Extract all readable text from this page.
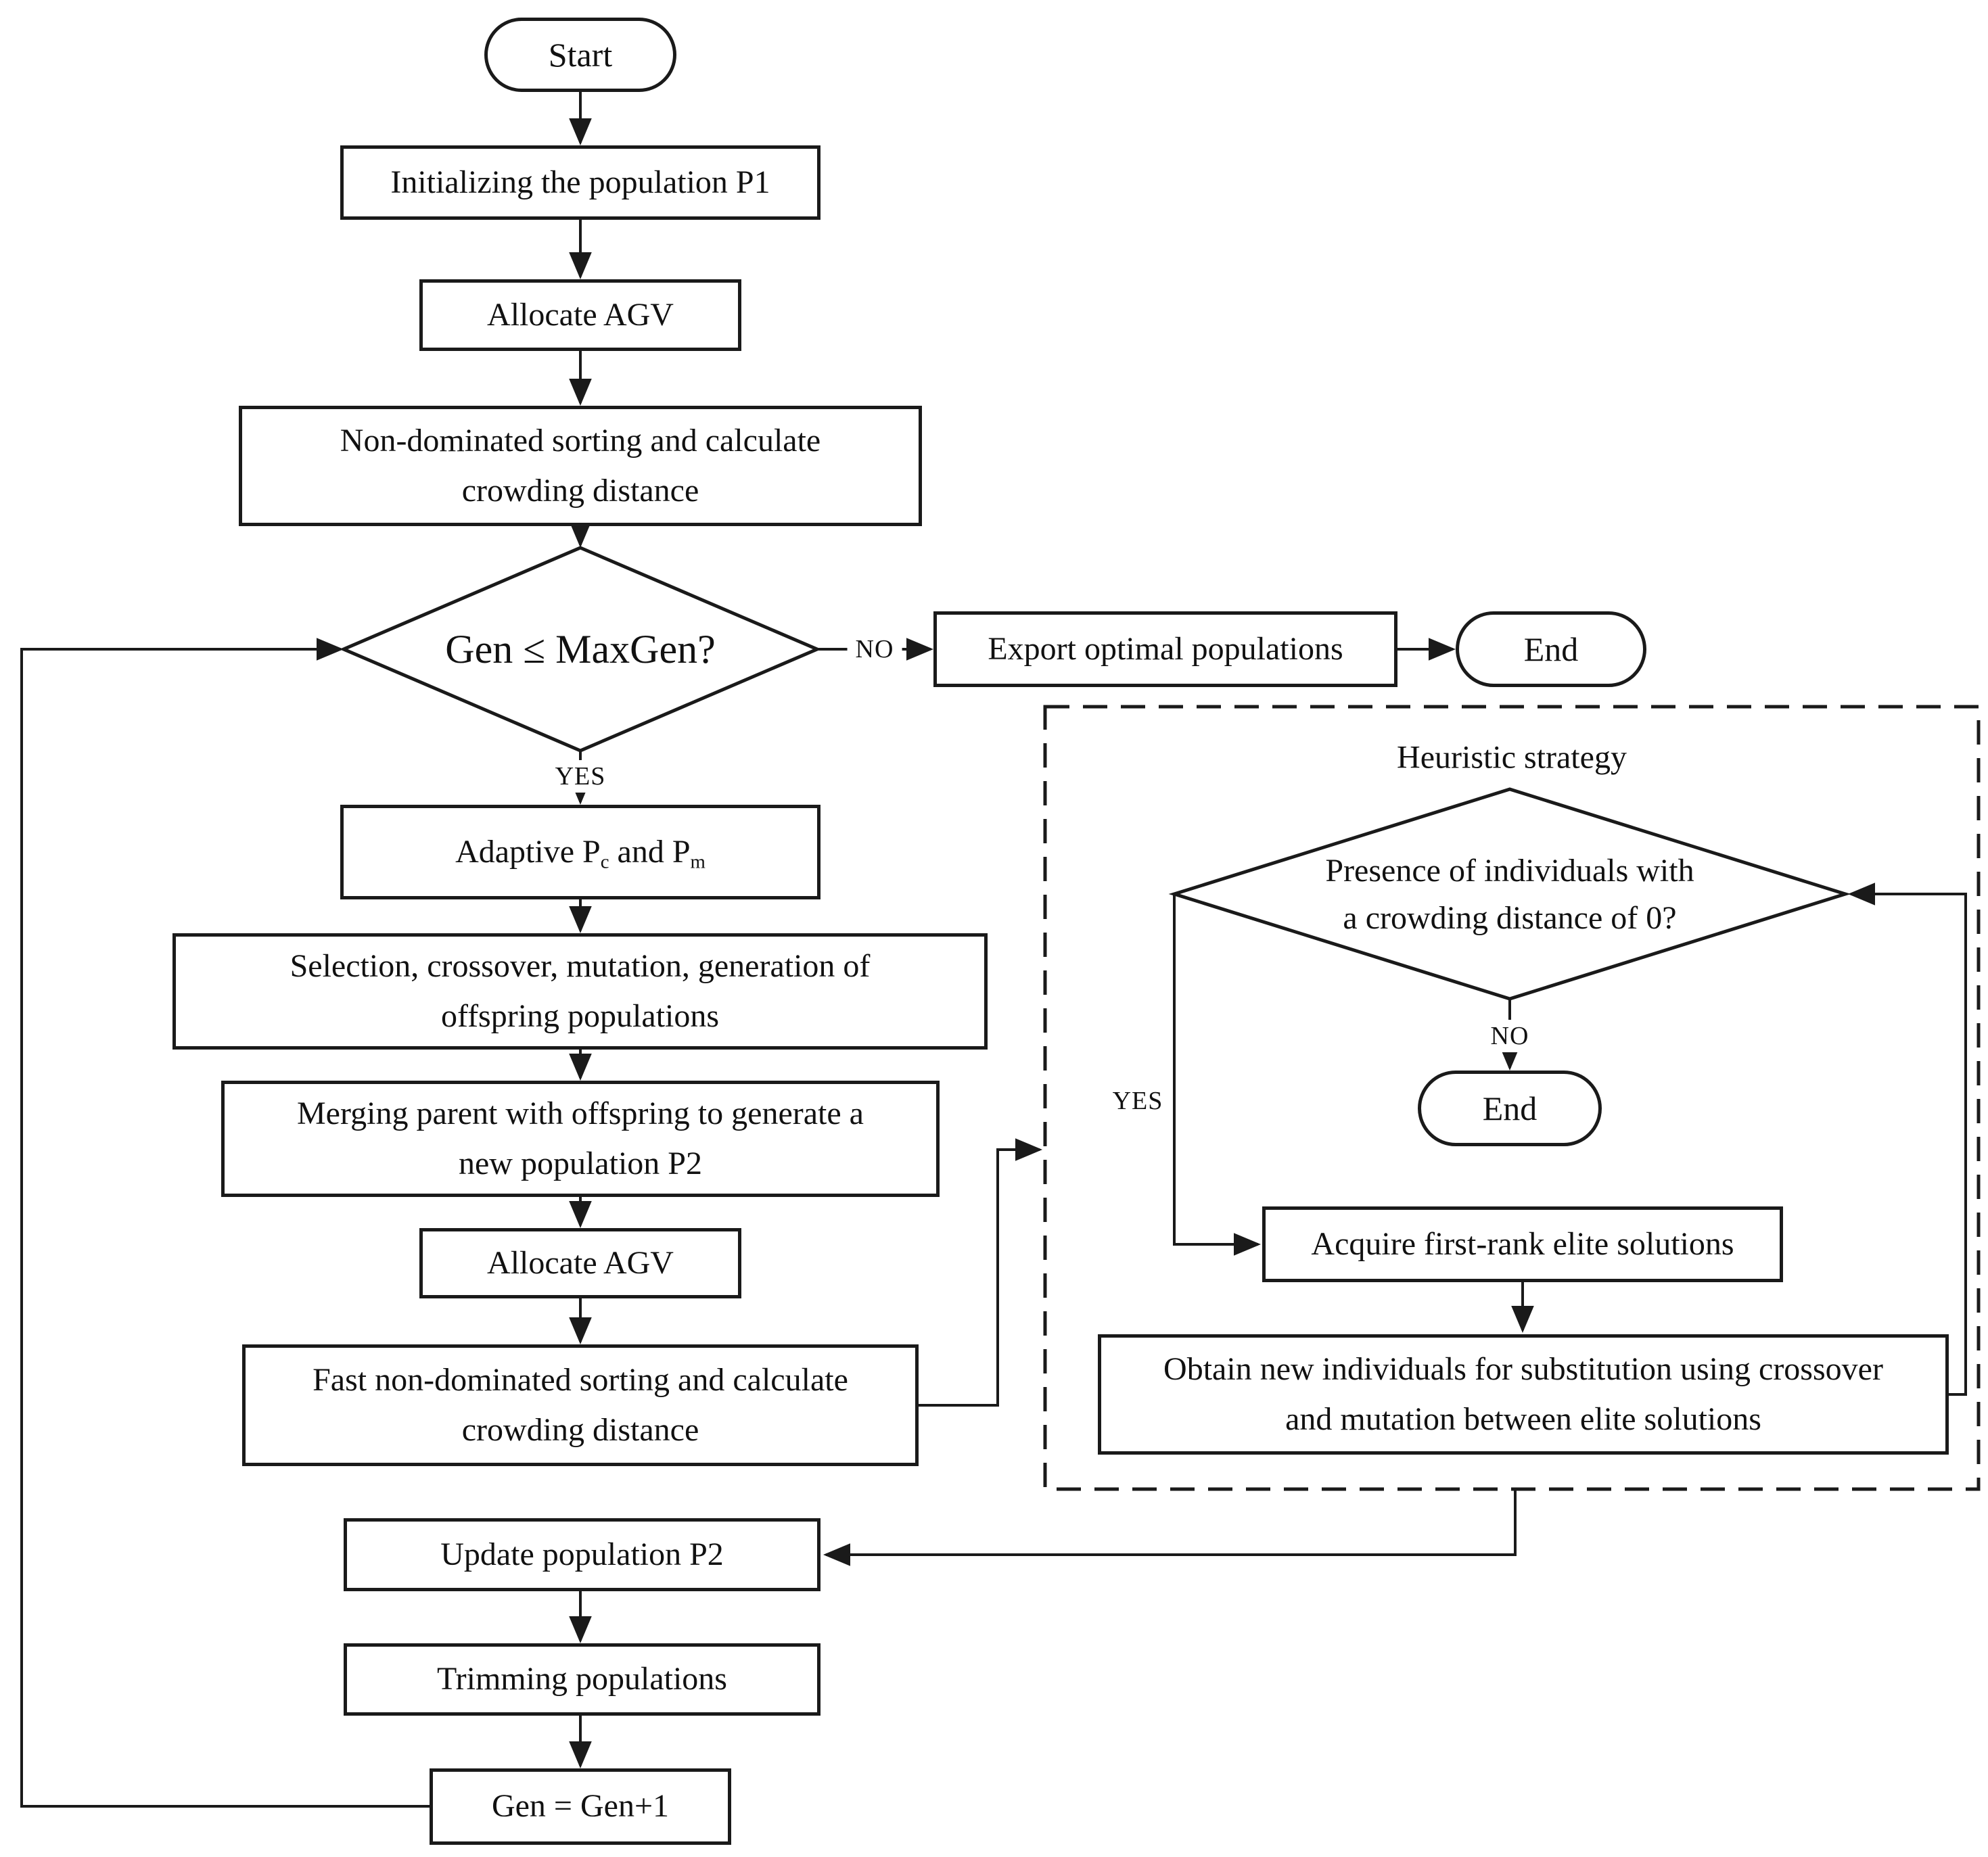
Start
Initializing the population P1
Allocate AGV
Non-dominated sorting and calculate
crowding distance
Gen ≤ MaxGen?	Export optimal populations	End
Adaptive $P_c$ and $P_m$
Selection, crossover, mutation, generation of
offspring populations
Merging parent with offspring to generate a
new population P2
Allocate AGV
Fast non-dominated sorting and calculate
crowding distance
Update population P2
Trimming populations
Gen = Gen+1
Heuristic strategy
Presence of individuals with
a crowding distance of 0?
End
Acquire first-rank elite solutions
Obtain new individuals for substitution using crossover
and mutation between elite solutions
NO
YES
NO
YES
